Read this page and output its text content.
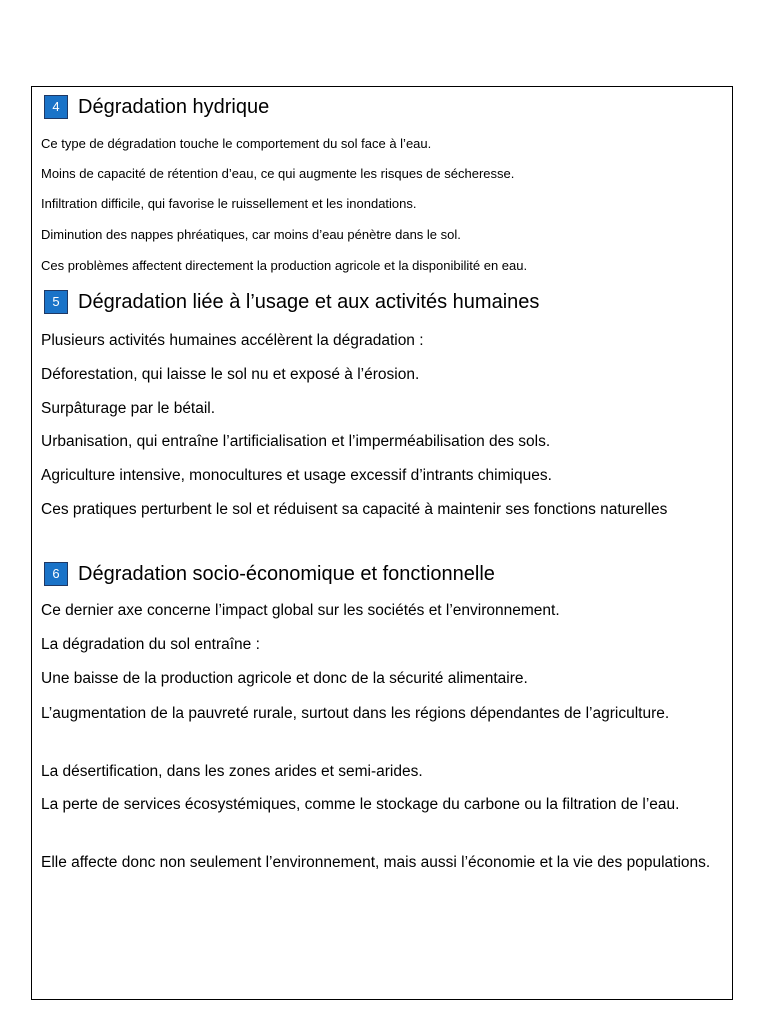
4 Dégradation hydrique
Ce type de dégradation touche le comportement du sol face à l’eau.
Moins de capacité de rétention d’eau, ce qui augmente les risques de sécheresse.
Infiltration difficile, qui favorise le ruissellement et les inondations.
Diminution des nappes phréatiques, car moins d’eau pénètre dans le sol.
Ces problèmes affectent directement la production agricole et la disponibilité en eau.
5 Dégradation liée à l’usage et aux activités humaines
Plusieurs activités humaines accélèrent la dégradation :
Déforestation, qui laisse le sol nu et exposé à l’érosion.
Surpâturage par le bétail.
Urbanisation, qui entraîne l’artificialisation et l’imperméabilisation des sols.
Agriculture intensive, monocultures et usage excessif d’intrants chimiques.
Ces pratiques perturbent le sol et réduisent sa capacité à maintenir ses fonctions naturelles
6 Dégradation socio-économique et fonctionnelle
Ce dernier axe concerne l’impact global sur les sociétés et l’environnement.
La dégradation du sol entraîne :
Une baisse de la production agricole et donc de la sécurité alimentaire.
L’augmentation de la pauvreté rurale, surtout dans les régions dépendantes de l’agriculture.
La désertification, dans les zones arides et semi-arides.
La perte de services écosystémiques, comme le stockage du carbone ou la filtration de l’eau.
Elle affecte donc non seulement l’environnement, mais aussi l’économie et la vie des populations.
